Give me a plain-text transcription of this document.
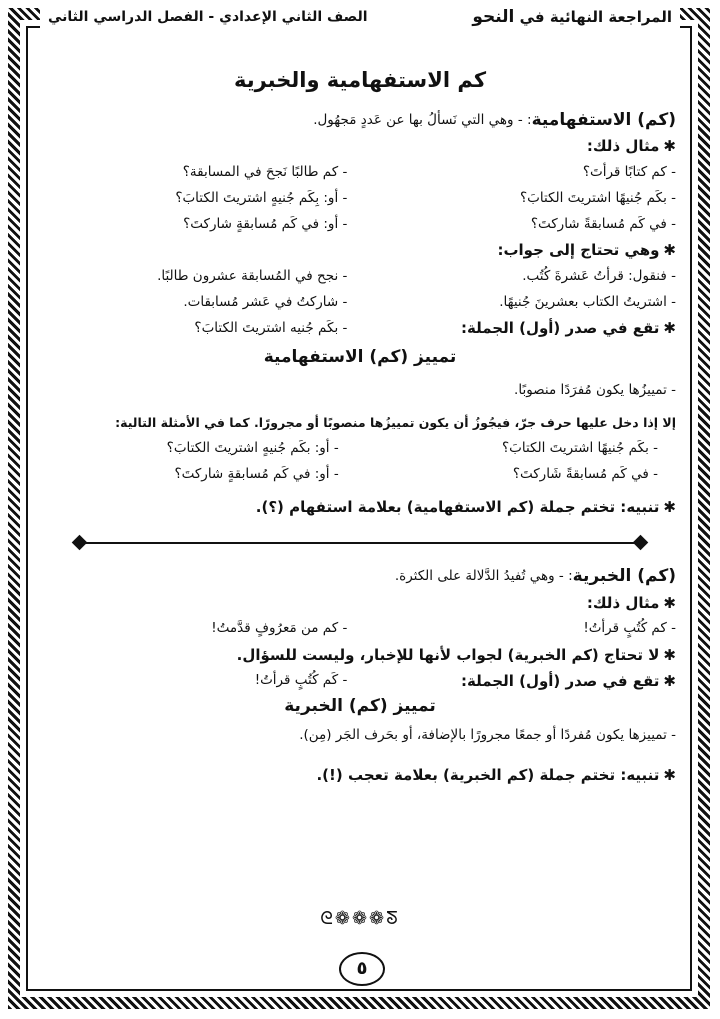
المراجعة النهائية في النحو
الصف الثاني الإعدادي - الفصل الدراسي الثاني
كم الاستفهامية والخبرية
(كم) الاستفهامية
: - وهي التي نَسألُ بها عن عَددٍ مَجهُول.
✱
مثال ذلك:
- كم كتابًا قرأتَ؟
- كم طالبًا نَجحَ في المسابقة؟
- بكَم جُنيهًا اشتريتَ الكتابَ؟
- أو: بِكَم جُنيهٍ اشتريتَ الكتابَ؟
- في كَم مُسابقةً شاركتَ؟
- أو: في كَم مُسابقةٍ شاركتَ؟
✱
وهي تحتاج إلى جواب:
- فنقول: قرأتُ عَشرةَ كُتُب.
- نجح في المُسابقة عشرون طالبًا.
- اشتريتُ الكتاب بعشرينَ جُنيهًا.
- شاركتُ في عَشر مُسابقات.
✱تقع في صدر (أول) الجملة:
- بكَم جُنيه اشتريتَ الكتابَ؟
تمييز (كم) الاستفهامية
- تمييزُها يكون مُفرَدًا منصوبًا.
إلا إذا دخل عليها حرف جرّ، فيجُوزُ أن يكون تمييزُها منصوبًا أو مجرورًا. كما في الأمثلة التالية:
- بكَم جُنيهًا اشتريتَ الكتابَ؟
- أو: بكَم جُنيهٍ اشتريتَ الكتابَ؟
- في كَم مُسابقةً شَاركتَ؟
- أو: في كَم مُسابقةٍ شاركتَ؟
✱
تنبيه
: تختم جملة (كم الاستفهامية) بعلامة استفهام (؟).
(كم) الخبرية
: - وهي تُفيدُ الدَّلالة على الكثرة.
✱
مثال ذلك:
- كم كُتُبٍ قرأتُ!
- كم من مَعرُوفٍ قدَّمتُ!
✱
لا تحتاج (كم الخبرية) لجواب لأنها للإخبار، وليست للسؤال.
✱تقع في صدر (أول) الجملة:
- كَم كُتُبٍ قرأتُ!
تمييز (كم) الخبرية
- تمييزها يكون مُفردًا أو جمعًا مجرورًا بالإضافة، أو بحَرف الجَر (مِن).
✱
تنبيه
: تختم جملة (كم الخبرية) بعلامة تعجب (!).
ᘓ❁❁❁ᘕ
٥
